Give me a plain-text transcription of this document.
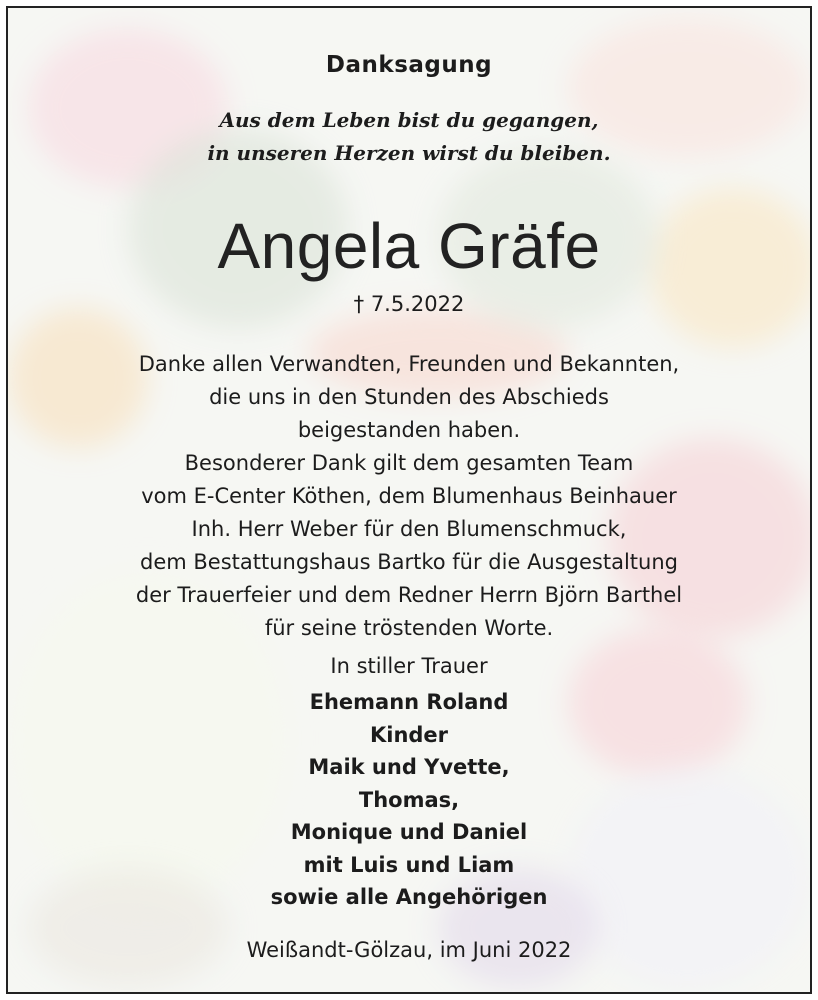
Danksagung
Aus dem Leben bist du gegangen,
in unseren Herzen wirst du bleiben.
Angela Gräfe
† 7.5.2022
Danke allen Verwandten, Freunden und Bekannten,
die uns in den Stunden des Abschieds
beigestanden haben.
Besonderer Dank gilt dem gesamten Team
vom E-Center Köthen, dem Blumenhaus Beinhauer
Inh. Herr Weber für den Blumenschmuck,
dem Bestattungshaus Bartko für die Ausgestaltung
der Trauerfeier und dem Redner Herrn Björn Barthel
für seine tröstenden Worte.
In stiller Trauer
Ehemann Roland
Kinder
Maik und Yvette,
Thomas,
Monique und Daniel
mit Luis und Liam
sowie alle Angehörigen
Weißandt-Gölzau, im Juni 2022
